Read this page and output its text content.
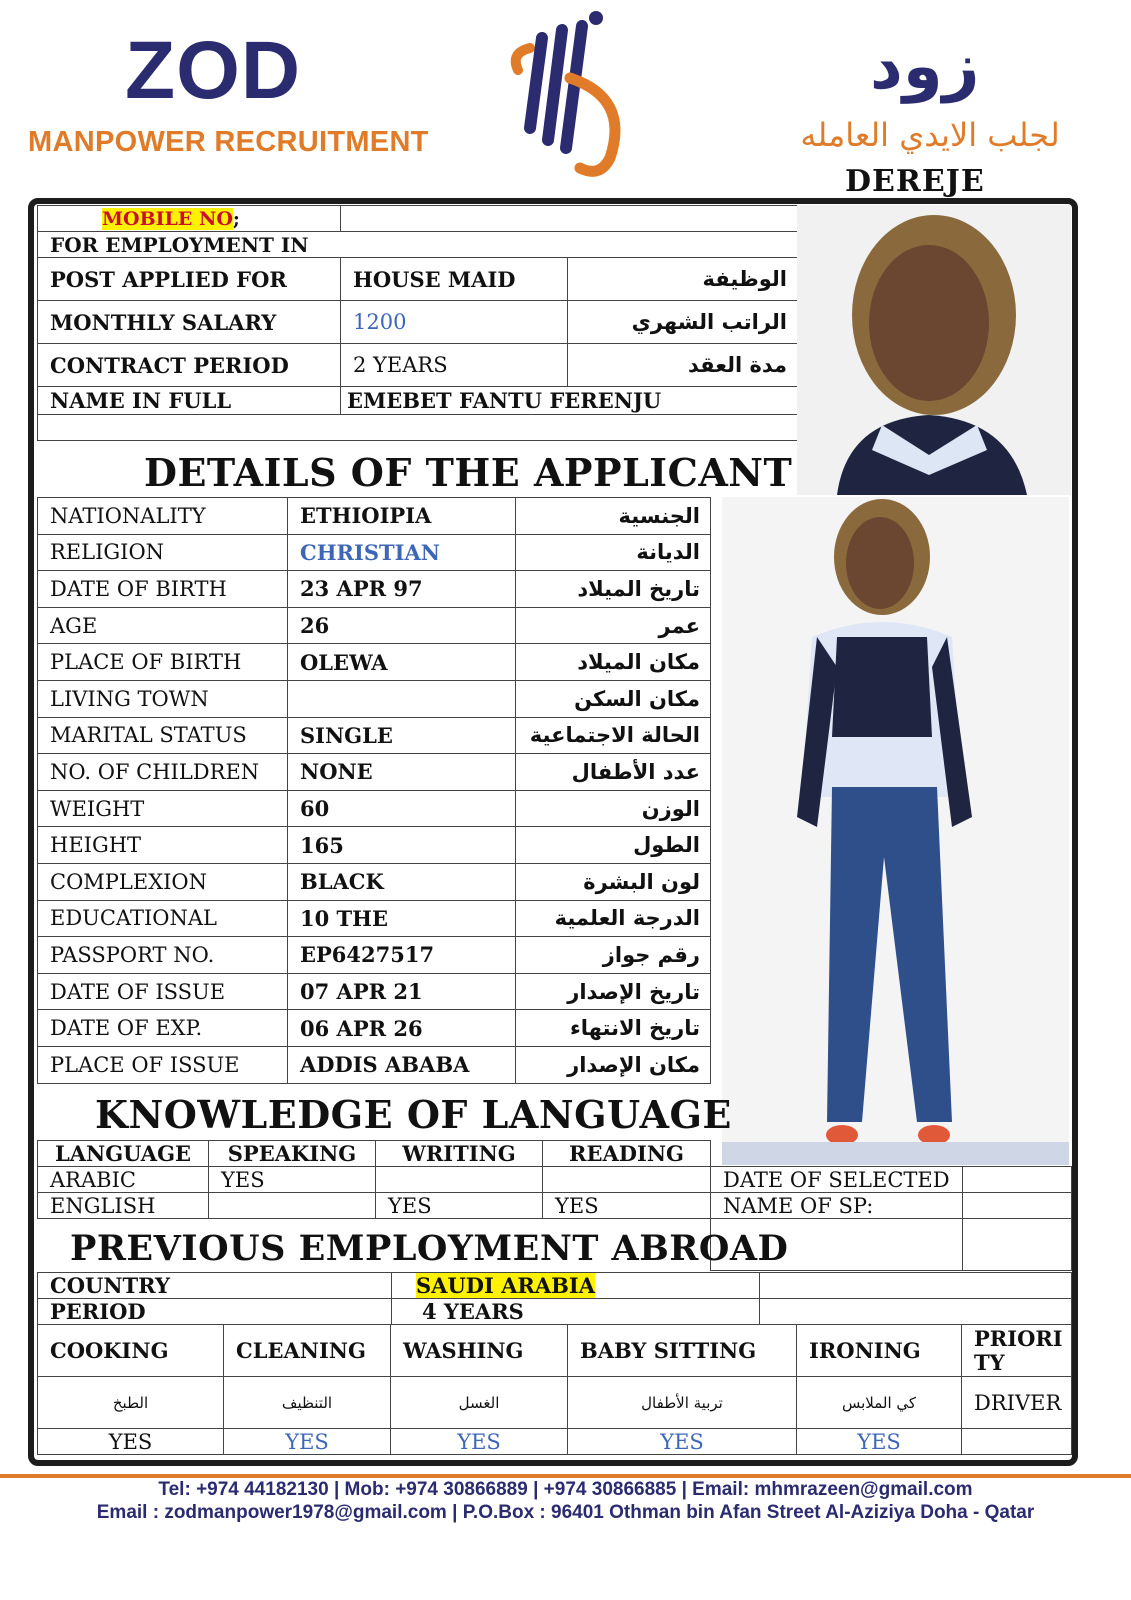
ZOD
MANPOWER RECRUITMENT
زود
لجلب الايدي العامله
DEREJE
MOBILE NO;		
FOR EMPLOYMENT IN		
POST APPLIED FOR	HOUSE MAID	الوظيفة
MONTHLY SALARY	1200	الراتب الشهري
CONTRACT PERIOD	2 YEARS	مدة العقد
NAME IN FULL	EMEBET FANTU FERENJU	

DETAILS OF THE APPLICANT
NATIONALITY	ETHIOIPIA	الجنسية
RELIGION	CHRISTIAN	الديانة
DATE OF BIRTH	23 APR 97	تاريخ الميلاد
AGE	26	عمر
PLACE OF BIRTH	OLEWA	مكان الميلاد
LIVING TOWN		مكان السكن
MARITAL STATUS	SINGLE	الحالة الاجتماعية
NO. OF CHILDREN	NONE	عدد الأطفال
WEIGHT	60	الوزن
HEIGHT	165	الطول
COMPLEXION	BLACK	لون البشرة
EDUCATIONAL	10 THE	الدرجة العلمية
PASSPORT NO.	EP6427517	رقم جواز
DATE OF ISSUE	07 APR 21	تاريخ الإصدار
DATE OF EXP.	06 APR 26	تاريخ الانتهاء
PLACE OF ISSUE	ADDIS ABABA	مكان الإصدار
KNOWLEDGE OF LANGUAGE
LANGUAGE	SPEAKING	WRITING	READING
ARABIC	YES		
ENGLISH		YES	YES
DATE OF SELECTED	
NAME OF SP:	

PREVIOUS EMPLOYMENT ABROAD
COUNTRY	SAUDI ARABIA	
PERIOD	4 YEARS	
COOKING	CLEANING	WASHING	BABY SITTING	IRONING	PRIORI TY
الطبخ	التنظيف	الغسل	تربية الأطفال	كي الملابس	DRIVER
YES	YES	YES	YES	YES	
Tel: +974 44182130 | Mob: +974 30866889 | +974 30866885 | Email: mhmrazeen@gmail.com
Email : zodmanpower1978@gmail.com | P.O.Box : 96401 Othman bin Afan Street Al-Aziziya Doha - Qatar
